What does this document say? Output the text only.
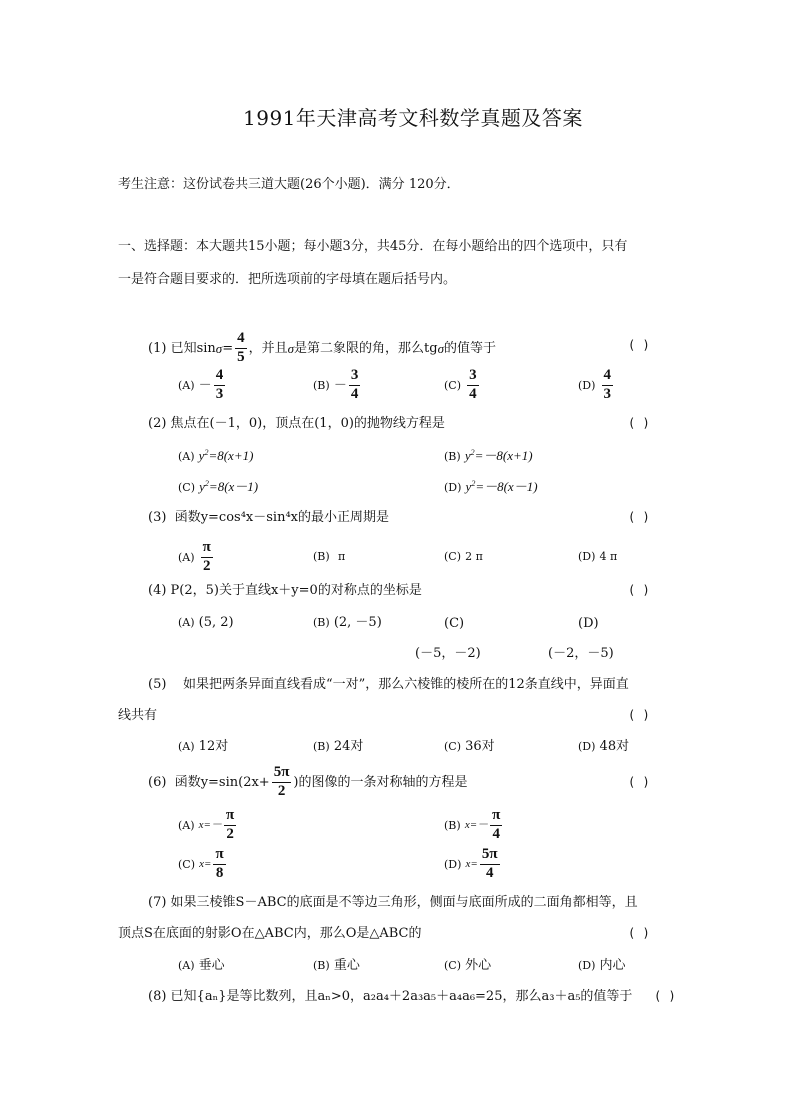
1991年天津高考文科数学真题及答案
考生注意：这份试卷共三道大题(26个小题)．满分 120分．
一、选择题：本大题共15小题；每小题3分，共45分．在每小题给出的四个选项中，只有
一是符合题目要求的．把所选项前的字母填在题后括号内。
(1)
已知$\sin \sigma = \frac{4}{5}$ ，并且 σ 是第二象限的角，那么tg σ 的值等于	( )
(A)
－ $\frac{4}{3}$	(B)
－ $\frac{3}{4}$	(C)
$\frac{3}{4}$	(D)
$\frac{4}{3}$
(2) 焦点在(－1，0)，顶点在(1，0)的抛物线方程是	( )
(A) $y^2=8(x+1)$	(B) $y^2=-8(x+1)$
(C) $y^2=8(x-1)$	(D) $y^2=-8(x-1)$
(3) 函数y=cos⁴x－sin⁴x的最小正周期是	( )
(A)
$\frac{\pi}{2}$	(B) π	(C) 2 π	(D) 4 π
(4) P(2，5)关于直线x＋y=0的对称点的坐标是	( )
(A) (5, 2)	(B) (2, －5)	(C)
(－5，－2)
(D)
(－2，－5)
(5) 如果把两条异面直线看成“一对”，那么六棱锥的棱所在的12条直线中，异面直
线共有	( )
(A) 12对	(B) 24对	(C) 36对	(D) 48对
(6)
函数$y=\sin(2x+ \frac{5\pi}{2}$ )的图像的一条对称轴的方程是	( )
(A)
$x=- \frac{\pi}{2}$	(B)
$x=- \frac{\pi}{4}$
(C)
$x= \frac{\pi}{8}$	(D)
$x= \frac{5\pi}{4}$
(7) 如果三棱锥S－ABC的底面是不等边三角形，侧面与底面所成的二面角都相等，且
顶点S在底面的射影O在△ABC内，那么O是△ABC的	( )
(A) 垂心	(B) 重心	(C) 外心	(D) 内心
(8) 已知{aₙ}是等比数列，且aₙ>0，a₂a₄＋2a₃a₅＋a₄a₆=25，那么a₃＋a₅的值等于 ( )
